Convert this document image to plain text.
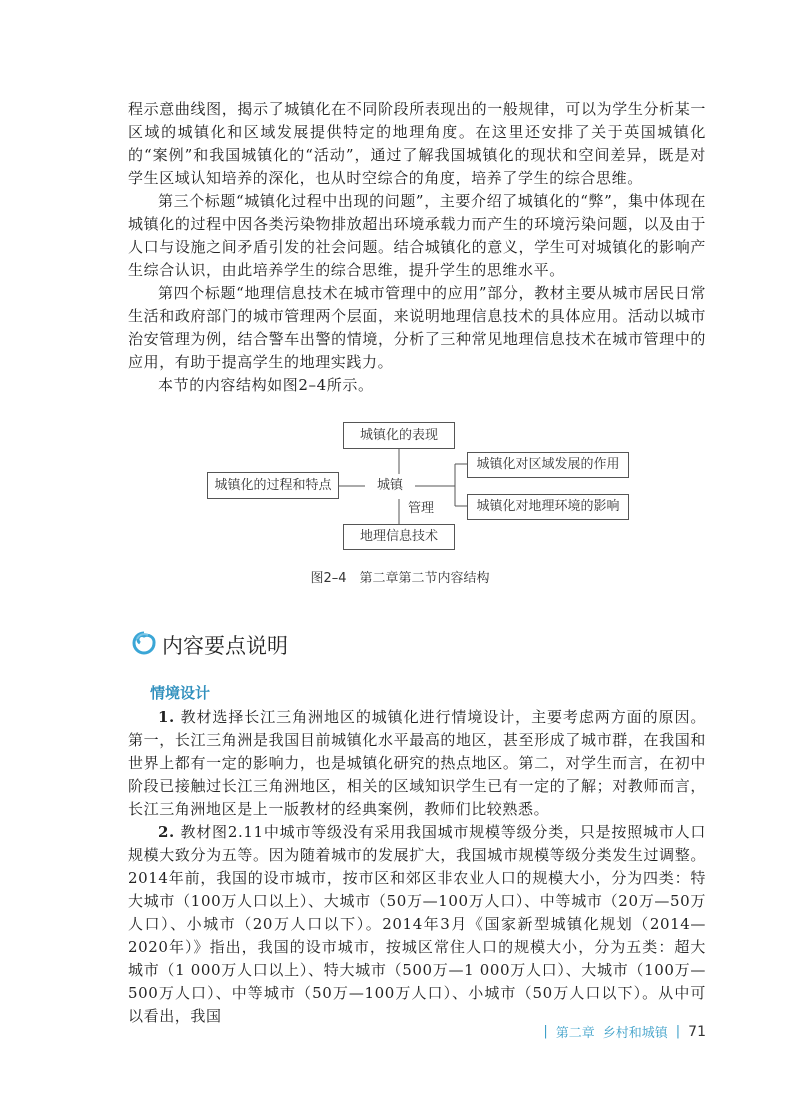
程示意曲线图，揭示了城镇化在不同阶段所表现出的一般规律，可以为学生分析某一区域的城镇化和区域发展提供特定的地理角度。在这里还安排了关于英国城镇化的“案例”和我国城镇化的“活动”，通过了解我国城镇化的现状和空间差异，既是对学生区域认知培养的深化，也从时空综合的角度，培养了学生的综合思维。

第三个标题“城镇化过程中出现的问题”，主要介绍了城镇化的“弊”，集中体现在城镇化的过程中因各类污染物排放超出环境承载力而产生的环境污染问题，以及由于人口与设施之间矛盾引发的社会问题。结合城镇化的意义，学生可对城镇化的影响产生综合认识，由此培养学生的综合思维，提升学生的思维水平。

第四个标题“地理信息技术在城市管理中的应用”部分，教材主要从城市居民日常生活和政府部门的城市管理两个层面，来说明地理信息技术的具体应用。活动以城市治安管理为例，结合警车出警的情境，分析了三种常见地理信息技术在城市管理中的应用，有助于提高学生的地理实践力。

本节的内容结构如图2–4所示。

城镇化的表现
城镇
城镇化的过程和特点
城镇化对区域发展的作用
城镇化对地理环境的影响
管理
地理信息技术
图2–4　第二章第二节内容结构
内容要点说明
情境设计

1. 教材选择长江三角洲地区的城镇化进行情境设计，主要考虑两方面的原因。第一，长江三角洲是我国目前城镇化水平最高的地区，甚至形成了城市群，在我国和世界上都有一定的影响力，也是城镇化研究的热点地区。第二，对学生而言，在初中阶段已接触过长江三角洲地区，相关的区域知识学生已有一定的了解；对教师而言，长江三角洲地区是上一版教材的经典案例，教师们比较熟悉。

2. 教材图2.11中城市等级没有采用我国城市规模等级分类，只是按照城市人口规模大致分为五等。因为随着城市的发展扩大，我国城市规模等级分类发生过调整。2014年前，我国的设市城市，按市区和郊区非农业人口的规模大小，分为四类：特大城市（100万人口以上）、大城市（50万—100万人口）、中等城市（20万—50万人口）、小城市（20万人口以下）。2014年3月《国家新型城镇化规划（2014—2020年）》指出，我国的设市城市，按城区常住人口的规模大小，分为五类：超大城市（1 000万人口以上）、特大城市（500万—1 000万人口）、大城市（100万—500万人口）、中等城市（50万—100万人口）、小城市（50万人口以下）。从中可以看出，我国

| 第二章 乡村和城镇 | 71
